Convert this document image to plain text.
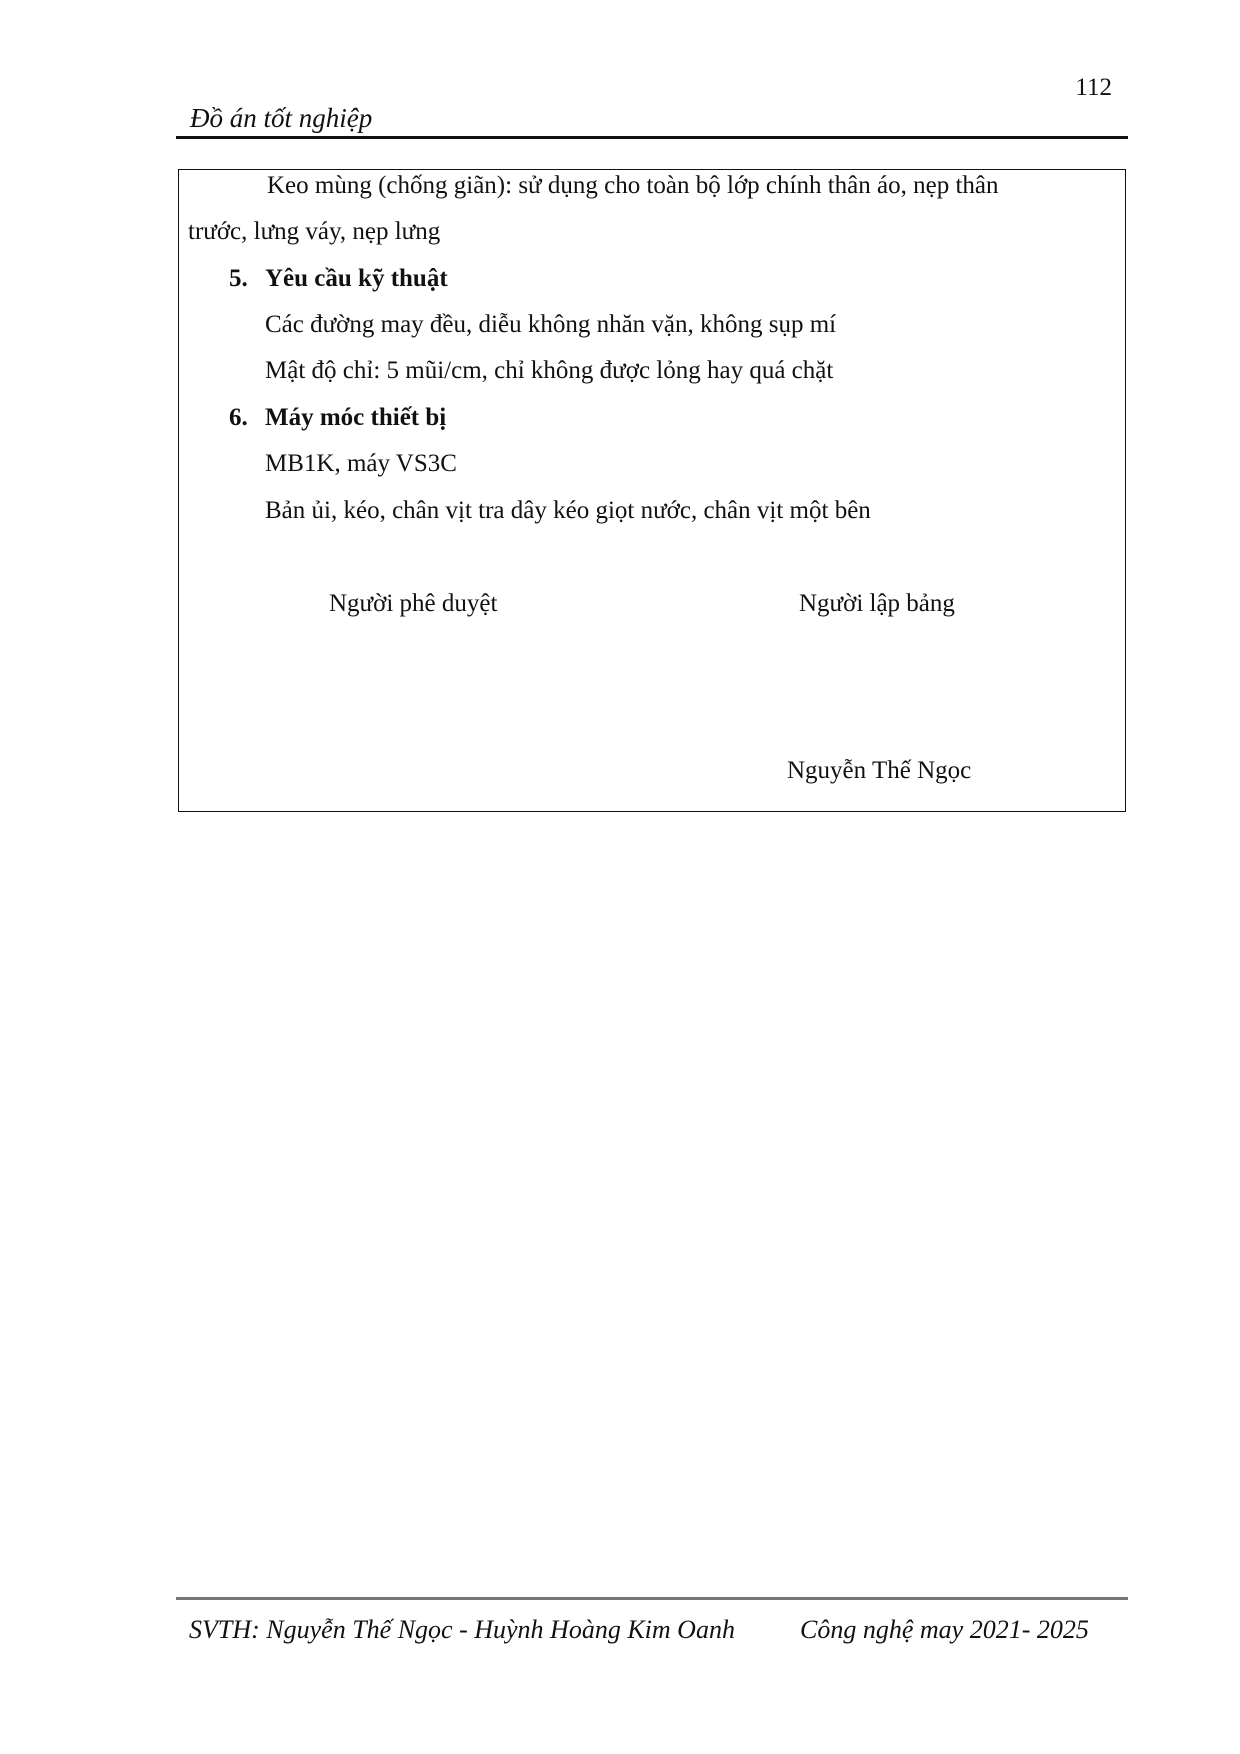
112
Đồ án tốt nghiệp
Keo mùng (chống giãn): sử dụng cho toàn bộ lớp chính thân áo, nẹp thân
trước, lưng váy, nẹp lưng
5. Yêu cầu kỹ thuật
Các đường may đều, diễu không nhăn vặn, không sụp mí
Mật độ chỉ: 5 mũi/cm, chỉ không được lỏng hay quá chặt
6. Máy móc thiết bị
MB1K, máy VS3C
Bản ủi, kéo, chân vịt tra dây kéo giọt nước, chân vịt một bên
Người phê duyệt	Người lập bảng
Nguyễn Thế Ngọc
SVTH: Nguyễn Thế Ngọc - Huỳnh Hoàng Kim Oanh	Công nghệ may 2021- 2025
